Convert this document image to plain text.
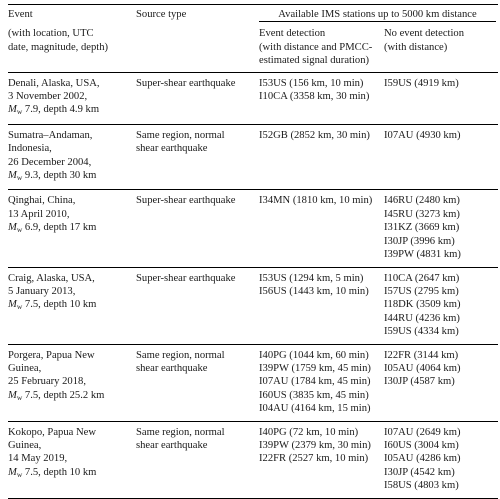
Event	Source type	Available IMS stations up to 5000 km distance	

(with location, UTC
date, magnitude, depth)		Event detection
(with distance and PMCC-
estimated signal duration)	No event detection
(with distance)

Denali, Alaska, USA,
3 November 2002,
Mw 7.9, depth 4.9 km	Super-shear earthquake	I53US (156 km, 10 min)
I10CA (3358 km, 30 min)	I59US (4919 km)

Sumatra–Andaman,
Indonesia,
26 December 2004,
Mw 9.3, depth 30 km	Same region, normal
shear earthquake	I52GB (2852 km, 30 min)	I07AU (4930 km)

Qinghai, China,
13 April 2010,
Mw 6.9, depth 17 km	Super-shear earthquake	I34MN (1810 km, 10 min)	I46RU (2480 km)
I45RU (3273 km)
I31KZ (3669 km)
I30JP (3996 km)
I39PW (4831 km)

Craig, Alaska, USA,
5 January 2013,
Mw 7.5, depth 10 km	Super-shear earthquake	I53US (1294 km, 5 min)
I56US (1443 km, 10 min)	I10CA (2647 km)
I57US (2795 km)
I18DK (3509 km)
I44RU (4236 km)
I59US (4334 km)

Porgera, Papua New
Guinea,
25 February 2018,
Mw 7.5, depth 25.2 km	Same region, normal
shear earthquake	I40PG (1044 km, 60 min)
I39PW (1759 km, 45 min)
I07AU (1784 km, 45 min)
I60US (3835 km, 45 min)
I04AU (4164 km, 15 min)	I22FR (3144 km)
I05AU (4064 km)
I30JP (4587 km)

Kokopo, Papua New
Guinea,
14 May 2019,
Mw 7.5, depth 10 km	Same region, normal
shear earthquake	I40PG (72 km, 10 min)
I39PW (2379 km, 30 min)
I22FR (2527 km, 10 min)	I07AU (2649 km)
I60US (3004 km)
I05AU (4286 km)
I30JP (4542 km)
I58US (4803 km)
